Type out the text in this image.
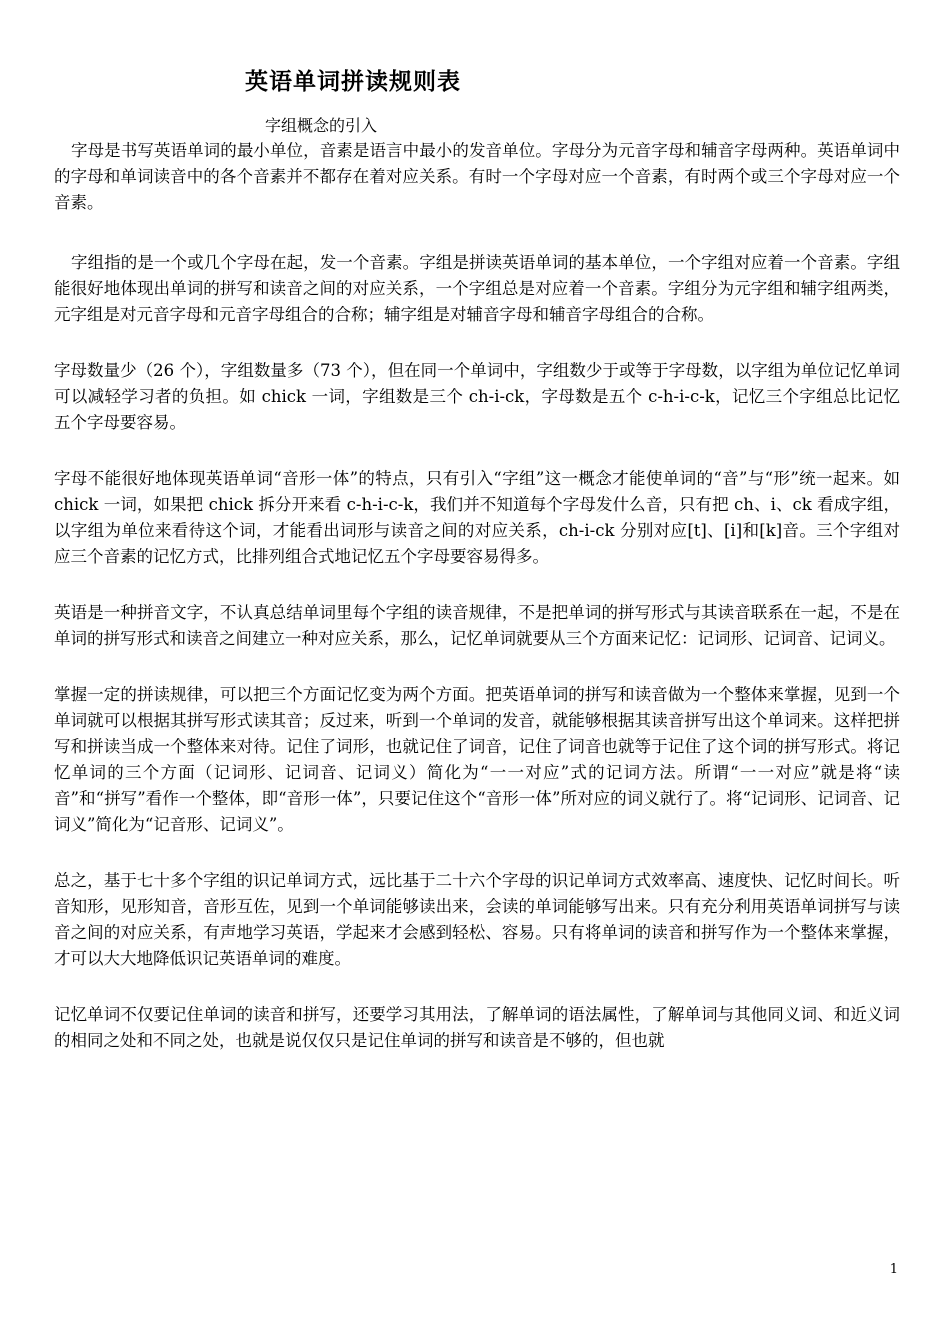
英语单词拼读规则表
字组概念的引入

字母是书写英语单词的最小单位，音素是语言中最小的发音单位。字母分为元音字母和辅音字母两种。英语单词中的字母和单词读音中的各个音素并不都存在着对应关系。有时一个字母对应一个音素，有时两个或三个字母对应一个音素。

字组指的是一个或几个字母在起，发一个音素。字组是拼读英语单词的基本单位，一个字组对应着一个音素。字组能很好地体现出单词的拼写和读音之间的对应关系，一个字组总是对应着一个音素。字组分为元字组和辅字组两类，元字组是对元音字母和元音字母组合的合称；辅字组是对辅音字母和辅音字母组合的合称。

字母数量少（26 个），字组数量多（73 个），但在同一个单词中，字组数少于或等于字母数，以字组为单位记忆单词可以减轻学习者的负担。如 chick 一词，字组数是三个 ch-i-ck，字母数是五个 c-h-i-c-k，记忆三个字组总比记忆五个字母要容易。

字母不能很好地体现英语单词“音形一体”的特点，只有引入“字组”这一概念才能使单词的“音”与“形”统一起来。如 chick 一词，如果把 chick 拆分开来看 c-h-i-c-k，我们并不知道每个字母发什么音，只有把 ch、i、ck 看成字组，以字组为单位来看待这个词，才能看出词形与读音之间的对应关系，ch-i-ck 分别对应[t]、[i]和[k]音。三个字组对应三个音素的记忆方式，比排列组合式地记忆五个字母要容易得多。

英语是一种拼音文字，不认真总结单词里每个字组的读音规律，不是把单词的拼写形式与其读音联系在一起，不是在单词的拼写形式和读音之间建立一种对应关系，那么，记忆单词就要从三个方面来记忆：记词形、记词音、记词义。

掌握一定的拼读规律，可以把三个方面记忆变为两个方面。把英语单词的拼写和读音做为一个整体来掌握，见到一个单词就可以根据其拼写形式读其音；反过来，听到一个单词的发音，就能够根据其读音拼写出这个单词来。这样把拼写和拼读当成一个整体来对待。记住了词形，也就记住了词音，记住了词音也就等于记住了这个词的拼写形式。将记忆单词的三个方面（记词形、记词音、记词义）简化为“一一对应”式的记词方法。所谓“一一对应”就是将“读音”和“拼写”看作一个整体，即“音形一体”，只要记住这个“音形一体”所对应的词义就行了。将“记词形、记词音、记词义”简化为“记音形、记词义”。

总之，基于七十多个字组的识记单词方式，远比基于二十六个字母的识记单词方式效率高、速度快、记忆时间长。听音知形，见形知音，音形互佐，见到一个单词能够读出来，会读的单词能够写出来。只有充分利用英语单词拼写与读音之间的对应关系，有声地学习英语，学起来才会感到轻松、容易。只有将单词的读音和拼写作为一个整体来掌握，才可以大大地降低识记英语单词的难度。

记忆单词不仅要记住单词的读音和拼写，还要学习其用法，了解单词的语法属性，了解单词与其他同义词、和近义词的相同之处和不同之处，也就是说仅仅只是记住单词的拼写和读音是不够的，但也就

1
